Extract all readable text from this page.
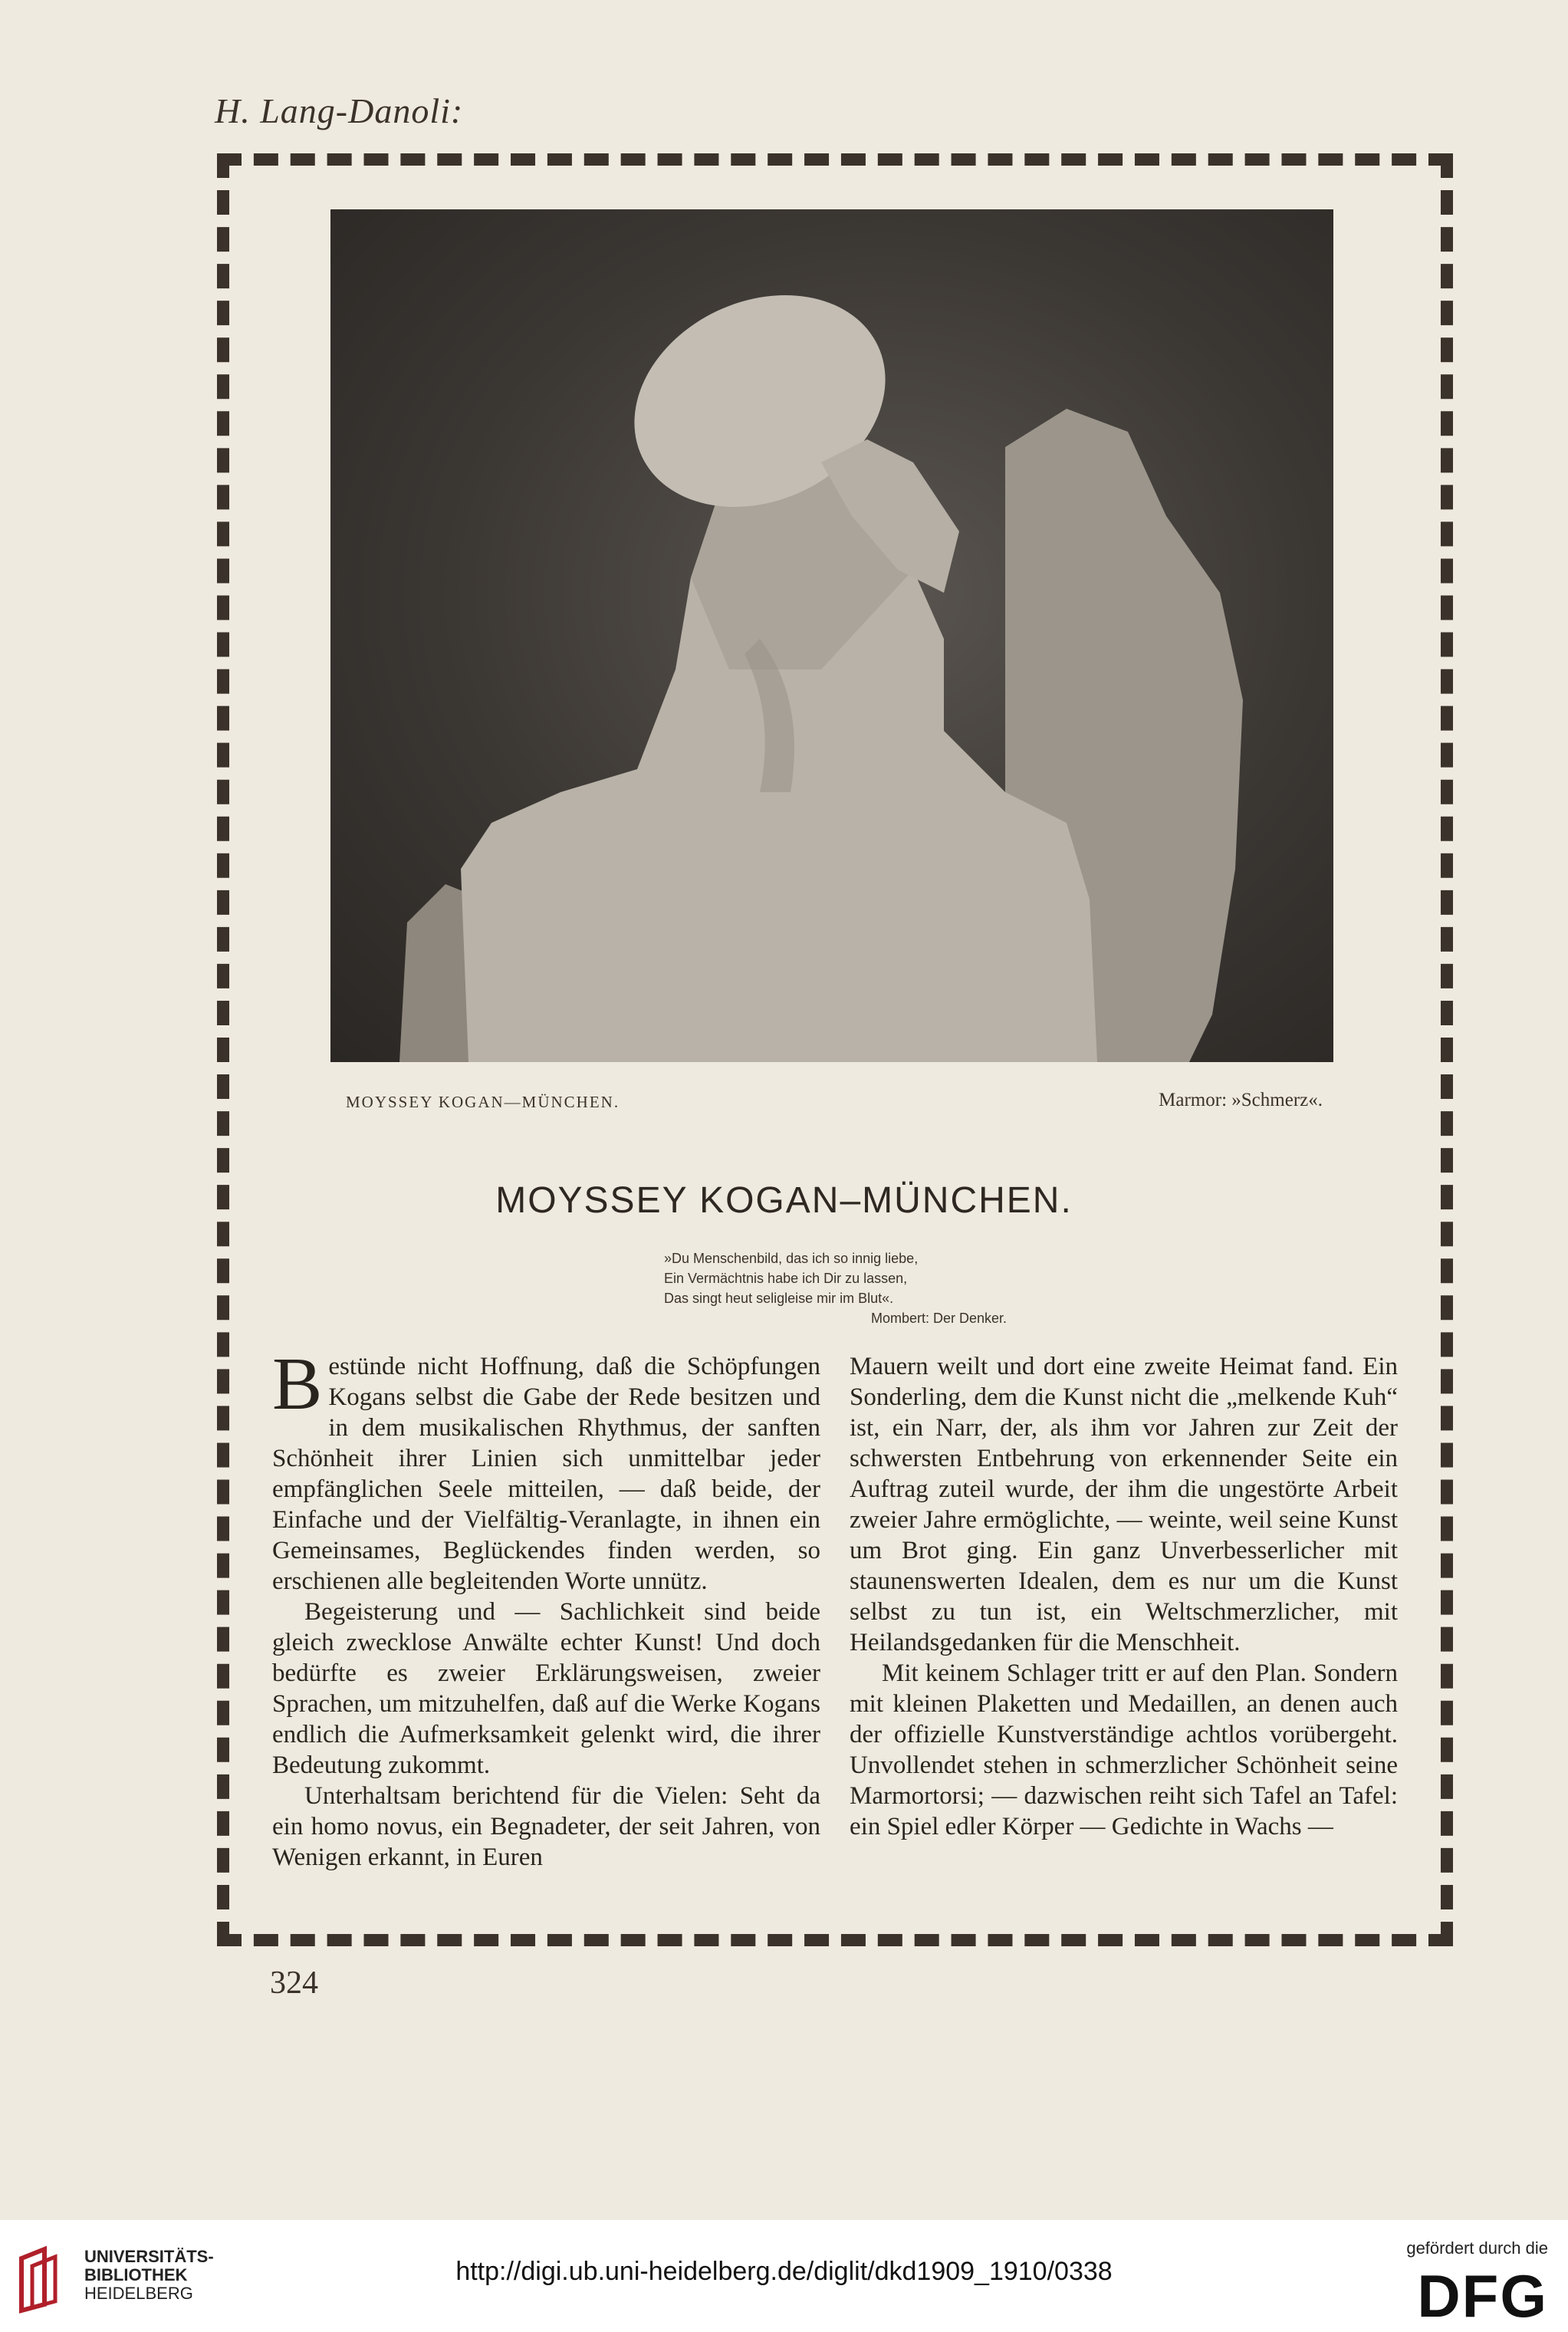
H. Lang-Danoli:
MOYSSEY KOGAN—MÜNCHEN.	Marmor: »Schmerz«.
MOYSSEY KOGAN–MÜNCHEN.
»Du Menschenbild, das ich so innig liebe,
Ein Vermächtnis habe ich Dir zu lassen,
Das singt heut seligleise mir im Blut«.
Mombert: Der Denker.

Bestünde nicht Hoffnung, daß die Schöpfungen Kogans selbst die Gabe der Rede besitzen und in dem musikalischen Rhythmus, der sanften Schönheit ihrer Linien sich unmittelbar jeder empfänglichen Seele mitteilen, — daß beide, der Einfache und der Vielfältig-Veranlagte, in ihnen ein Gemeinsames, Beglückendes finden werden, so erschienen alle begleitenden Worte unnütz.

Begeisterung und — Sachlichkeit sind beide gleich zwecklose Anwälte echter Kunst! Und doch bedürfte es zweier Erklärungsweisen, zweier Sprachen, um mitzuhelfen, daß auf die Werke Kogans endlich die Aufmerksamkeit gelenkt wird, die ihrer Bedeutung zukommt.

Unterhaltsam berichtend für die Vielen: Seht da ein homo novus, ein Begnadeter, der seit Jahren, von Wenigen erkannt, in Euren

Mauern weilt und dort eine zweite Heimat fand. Ein Sonderling, dem die Kunst nicht die „melkende Kuh“ ist, ein Narr, der, als ihm vor Jahren zur Zeit der schwersten Entbehrung von erkennender Seite ein Auftrag zuteil wurde, der ihm die ungestörte Arbeit zweier Jahre ermöglichte, — weinte, weil seine Kunst um Brot ging. Ein ganz Unverbesserlicher mit staunenswerten Idealen, dem es nur um die Kunst selbst zu tun ist, ein Weltschmerzlicher, mit Heilandsgedanken für die Menschheit.

Mit keinem Schlager tritt er auf den Plan. Sondern mit kleinen Plaketten und Medaillen, an denen auch der offizielle Kunstverständige achtlos vorübergeht. Unvollendet stehen in schmerzlicher Schönheit seine Marmortorsi; — dazwischen reiht sich Tafel an Tafel: ein Spiel edler Körper — Gedichte in Wachs —

324
UNIVERSITÄTS-
BIBLIOTHEK
HEIDELBERG
http://digi.ub.uni-heidelberg.de/diglit/dkd1909_1910/0338
gefördert durch die
DFG
